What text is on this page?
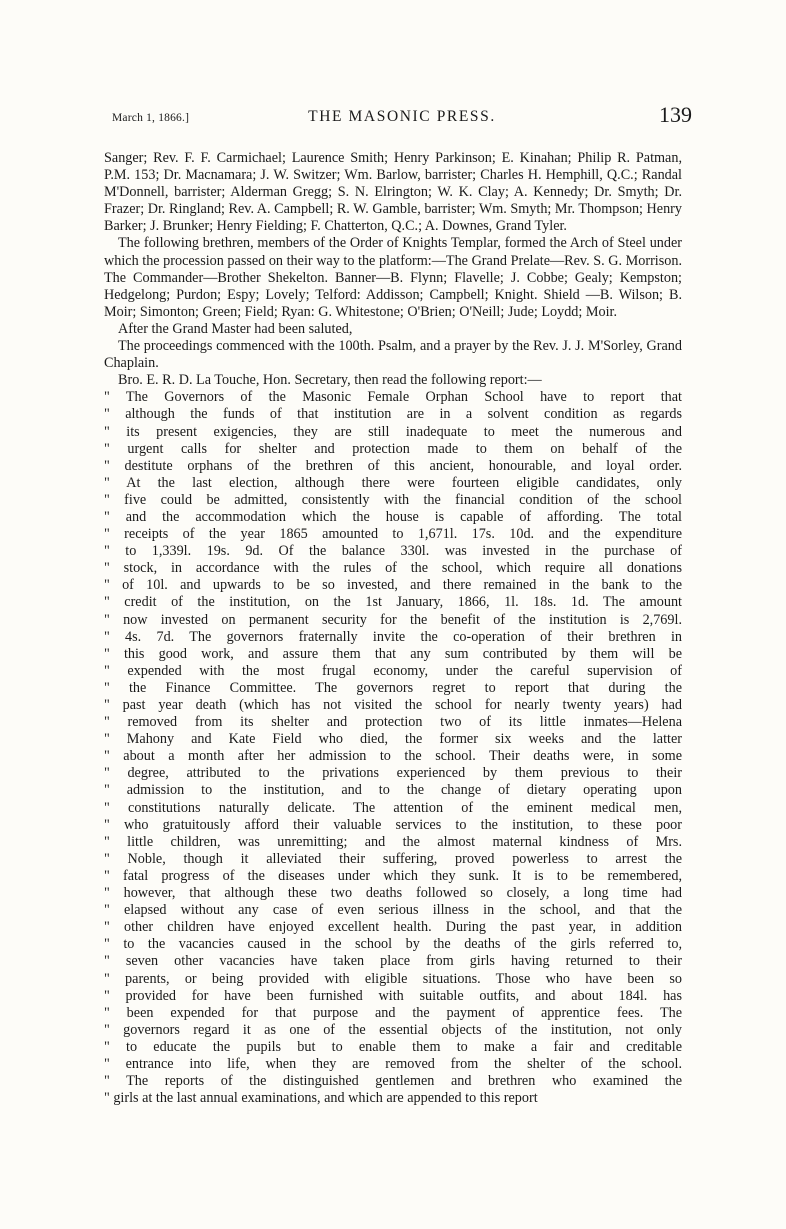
March 1, 1866.]	THE MASONIC PRESS.	139

Sanger; Rev. F. F. Carmichael; Laurence Smith; Henry Parkinson; E. Kinahan; Philip R. Patman, P.M. 153; Dr. Macnamara; J. W. Switzer; Wm. Barlow, barrister; Charles H. Hemphill, Q.C.; Randal M'Donnell, barrister; Alderman Gregg; S. N. Elrington; W. K. Clay; A. Kennedy; Dr. Smyth; Dr. Frazer; Dr. Ringland; Rev. A. Campbell; R. W. Gamble, barrister; Wm. Smyth; Mr. Thompson; Henry Barker; J. Brunker; Henry Fielding; F. Chatterton, Q.C.; A. Downes, Grand Tyler.

The following brethren, members of the Order of Knights Templar, formed the Arch of Steel under which the procession passed on their way to the platform:—The Grand Prelate—Rev. S. G. Morrison. The Commander—Brother Shekelton. Banner—B. Flynn; Flavelle; J. Cobbe; Gealy; Kempston; Hedgelong; Purdon; Espy; Lovely; Telford: Addisson; Campbell; Knight. Shield —B. Wilson; B. Moir; Simonton; Green; Field; Ryan: G. Whitestone; O'Brien; O'Neill; Jude; Loydd; Moir.

After the Grand Master had been saluted,

The proceedings commenced with the 100th. Psalm, and a prayer by the Rev. J. J. M'Sorley, Grand Chaplain.

Bro. E. R. D. La Touche, Hon. Secretary, then read the following report:—

" The Governors of the Masonic Female Orphan School have to report that
" although the funds of that institution are in a solvent condition as regards
" its present exigencies, they are still inadequate to meet the numerous and
" urgent calls for shelter and protection made to them on behalf of the
" destitute orphans of the brethren of this ancient, honourable, and loyal order.
" At the last election, although there were fourteen eligible candidates, only
" five could be admitted, consistently with the financial condition of the school
" and the accommodation which the house is capable of affording. The total
" receipts of the year 1865 amounted to 1,671l. 17s. 10d. and the expenditure
" to 1,339l. 19s. 9d. Of the balance 330l. was invested in the purchase of
" stock, in accordance with the rules of the school, which require all donations
" of 10l. and upwards to be so invested, and there remained in the bank to the
" credit of the institution, on the 1st January, 1866, 1l. 18s. 1d. The amount
" now invested on permanent security for the benefit of the institution is 2,769l.
" 4s. 7d. The governors fraternally invite the co-operation of their brethren in
" this good work, and assure them that any sum contributed by them will be
" expended with the most frugal economy, under the careful supervision of
" the Finance Committee. The governors regret to report that during the
" past year death (which has not visited the school for nearly twenty years) had
" removed from its shelter and protection two of its little inmates—Helena
" Mahony and Kate Field who died, the former six weeks and the latter
" about a month after her admission to the school. Their deaths were, in some
" degree, attributed to the privations experienced by them previous to their
" admission to the institution, and to the change of dietary operating upon
" constitutions naturally delicate. The attention of the eminent medical men,
" who gratuitously afford their valuable services to the institution, to these poor
" little children, was unremitting; and the almost maternal kindness of Mrs.
" Noble, though it alleviated their suffering, proved powerless to arrest the
" fatal progress of the diseases under which they sunk. It is to be remembered,
" however, that although these two deaths followed so closely, a long time had
" elapsed without any case of even serious illness in the school, and that the
" other children have enjoyed excellent health. During the past year, in addition
" to the vacancies caused in the school by the deaths of the girls referred to,
" seven other vacancies have taken place from girls having returned to their
" parents, or being provided with eligible situations. Those who have been so
" provided for have been furnished with suitable outfits, and about 184l. has
" been expended for that purpose and the payment of apprentice fees. The
" governors regard it as one of the essential objects of the institution, not only
" to educate the pupils but to enable them to make a fair and creditable
" entrance into life, when they are removed from the shelter of the school.
" The reports of the distinguished gentlemen and brethren who examined the
" girls at the last annual examinations, and which are appended to this report
